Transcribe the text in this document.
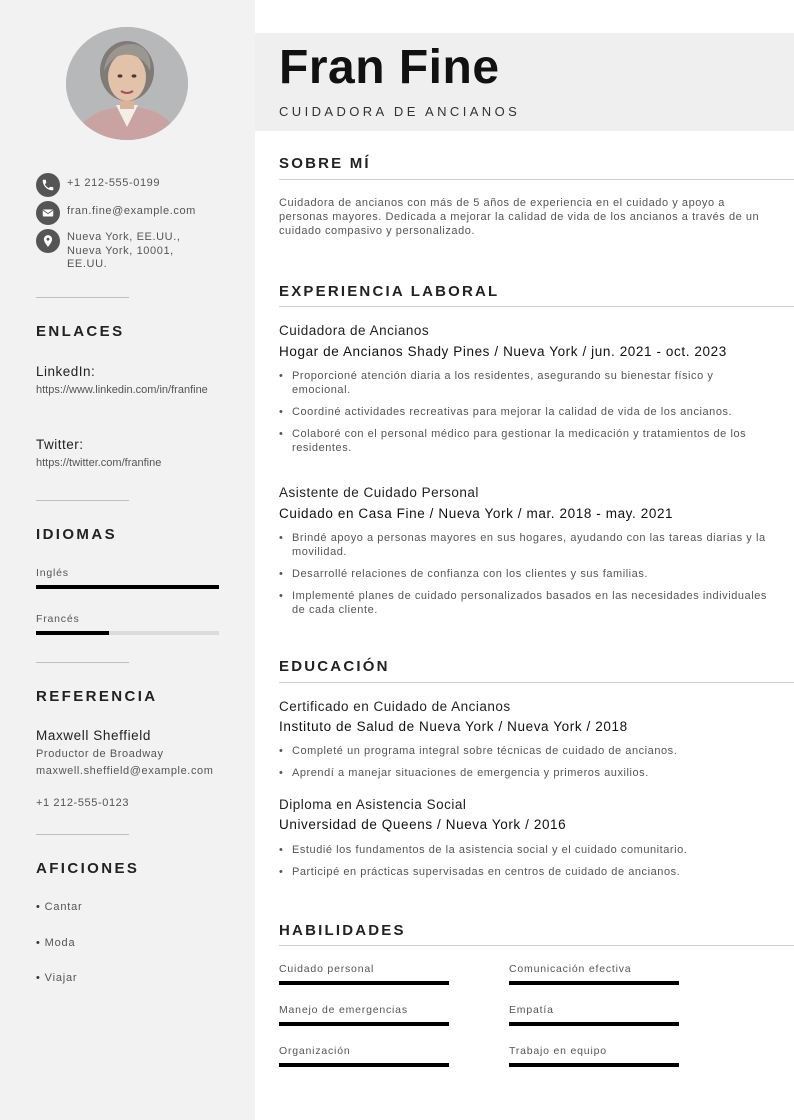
+1 212-555-0199
fran.fine@example.com
Nueva York, EE.UU., Nueva York, 10001, EE.UU.
ENLACES
LinkedIn:
https://www.linkedin.com/in/franfine
Twitter:
https://twitter.com/franfine
IDIOMAS
Inglés
Francés
REFERENCIA
Maxwell Sheffield
Productor de Broadway
maxwell.sheffield@example.com
+1 212-555-0123
AFICIONES
• Cantar
• Moda
• Viajar
Fran Fine
CUIDADORA DE ANCIANOS
SOBRE MÍ
Cuidadora de ancianos con más de 5 años de experiencia en el cuidado y apoyo a personas mayores. Dedicada a mejorar la calidad de vida de los ancianos a través de un cuidado compasivo y personalizado.
EXPERIENCIA LABORAL
Cuidadora de Ancianos
Hogar de Ancianos Shady Pines / Nueva York / jun. 2021 - oct. 2023
• Proporcioné atención diaria a los residentes, asegurando su bienestar físico y emocional.
• Coordiné actividades recreativas para mejorar la calidad de vida de los ancianos.
• Colaboré con el personal médico para gestionar la medicación y tratamientos de los residentes.
Asistente de Cuidado Personal
Cuidado en Casa Fine / Nueva York / mar. 2018 - may. 2021
• Brindé apoyo a personas mayores en sus hogares, ayudando con las tareas diarias y la movilidad.
• Desarrollé relaciones de confianza con los clientes y sus familias.
• Implementé planes de cuidado personalizados basados en las necesidades individuales de cada cliente.
EDUCACIÓN
Certificado en Cuidado de Ancianos
Instituto de Salud de Nueva York / Nueva York / 2018
• Completé un programa integral sobre técnicas de cuidado de ancianos.
• Aprendí a manejar situaciones de emergencia y primeros auxilios.
Diploma en Asistencia Social
Universidad de Queens / Nueva York / 2016
• Estudié los fundamentos de la asistencia social y el cuidado comunitario.
• Participé en prácticas supervisadas en centros de cuidado de ancianos.
HABILIDADES
Cuidado personal	Comunicación efectiva
Manejo de emergencias	Empatía
Organización	Trabajo en equipo
